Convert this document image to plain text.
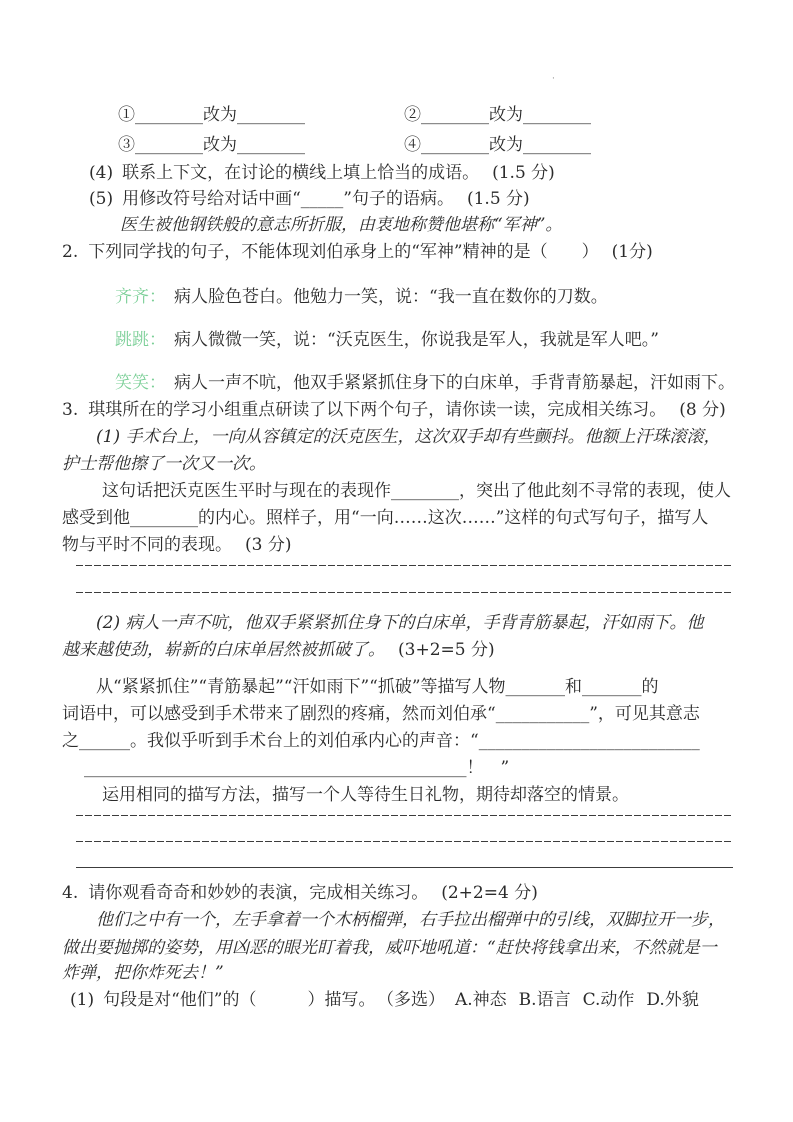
·
①________改为________	②________改为________
③________改为________	④________改为________
(4) 联系上下文，在讨论的横线上填上恰当的成语。 (1.5 分)
(5) 用修改符号给对话中画“_____”句子的语病。 (1.5 分)
医生被他钢铁般的意志所折服，由衷地称赞他堪称“军神”。
2. 下列同学找的句子，不能体现刘伯承身上的“军神”精神的是（　　） (1分)
齐齐： 病人脸色苍白。他勉力一笑，说：“我一直在数你的刀数。
跳跳： 病人微微一笑，说：“沃克医生，你说我是军人，我就是军人吧。”
笑笑： 病人一声不吭，他双手紧紧抓住身下的白床单，手背青筋暴起，汗如雨下。
3. 琪琪所在的学习小组重点研读了以下两个句子，请你读一读，完成相关练习。 (8 分)
(1) 手术台上，一向从容镇定的沃克医生，这次双手却有些颤抖。他额上汗珠滚滚，
护士帮他擦了一次又一次。
这句话把沃克医生平时与现在的表现作________，突出了他此刻不寻常的表现，使人
感受到他________的内心。照样子，用“一向……这次……”这样的句式写句子，描写人
物与平时不同的表现。 (3 分)
(2) 病人一声不吭，他双手紧紧抓住身下的白床单，手背青筋暴起，汗如雨下。他
越来越使劲，崭新的白床单居然被抓破了。 (3+2=5 分)
从“紧紧抓住”“青筋暴起”“汗如雨下”“抓破”等描写人物_______和_______的
词语中，可以感受到手术带来了剧烈的疼痛，然而刘伯承“___________”，可见其意志
之______。我似乎听到手术台上的刘伯承内心的声音：“__________________________
_____________________________________________！　”
运用相同的描写方法，描写一个人等待生日礼物，期待却落空的情景。
4. 请你观看奇奇和妙妙的表演，完成相关练习。 (2+2=4 分)
他们之中有一个，左手拿着一个木柄榴弹，右手拉出榴弹中的引线，双脚拉开一步，
做出要抛掷的姿势，用凶恶的眼光盯着我，威吓地吼道：“赶快将钱拿出来，不然就是一
炸弹，把你炸死去！”
(1) 句段是对“他们”的（　　　）描写。 （多选） A.神态 B.语言 C.动作 D.外貌
